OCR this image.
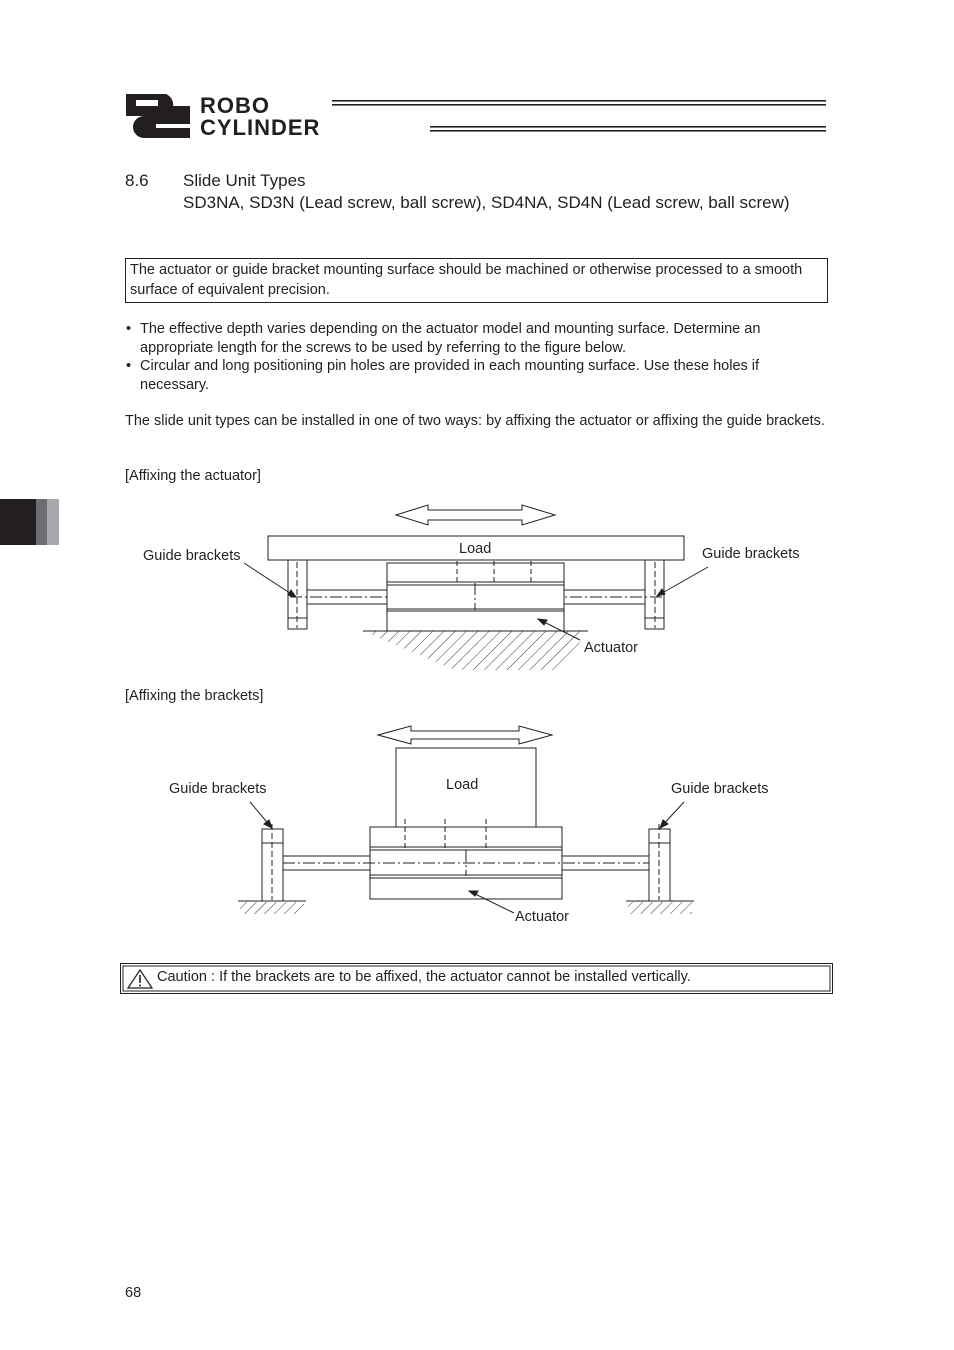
ROBO
CYLINDER
8.6 Slide Unit Types
SD3NA, SD3N (Lead screw, ball screw), SD4NA, SD4N (Lead screw, ball screw)
The actuator or guide bracket mounting surface should be machined or otherwise processed to a smooth surface of equivalent precision.
• The effective depth varies depending on the actuator model and mounting surface. Determine an appropriate length for the screws to be used by referring to the figure below.
• Circular and long positioning pin holes are provided in each mounting surface. Use these holes if necessary.
The slide unit types can be installed in one of two ways: by affixing the actuator or affixing the guide brackets.
[Affixing the actuator]
Load
Guide brackets	Guide brackets
Actuator
[Affixing the brackets]
Load
Guide brackets	Guide brackets
Actuator
Caution : If the brackets are to be affixed, the actuator cannot be installed vertically.
68
